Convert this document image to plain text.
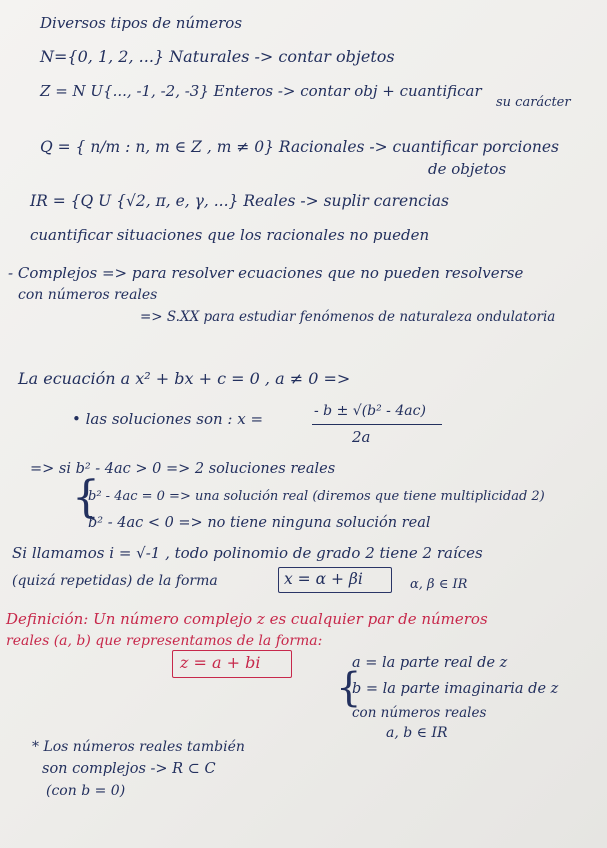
Diversos tipos de números
N={0, 1, 2, ...} Naturales -> contar objetos
Z = N U{..., -1, -2, -3} Enteros -> contar obj + cuantificar
su carácter
Q = { n/m : n, m ∈ Z , m ≠ 0} Racionales -> cuantificar porciones
de objetos
IR = {Q U {√2, π, e, γ, ...} Reales -> suplir carencias
cuantificar situaciones que los racionales no pueden
- Complejos => para resolver ecuaciones que no pueden resolverse
con números reales
=> S.XX para estudiar fenómenos de naturaleza ondulatoria
La ecuación a x² + bx + c = 0 , a ≠ 0 =>
• las soluciones son : x =	- b ± √(b² - 4ac)
2a
=> si b² - 4ac > 0 => 2 soluciones reales
{
b² - 4ac = 0 => una solución real (diremos que tiene multiplicidad 2)
b² - 4ac < 0 => no tiene ninguna solución real
Si llamamos i = √-1 , todo polinomio de grado 2 tiene 2 raíces
(quizá repetidas) de la forma	x = α + βi	α, β ∈ IR
Definición: Un número complejo z es cualquier par de números
reales (a, b) que representamos de la forma:
z = a + bi	a = la parte real de z
{
b = la parte imaginaria de z
con números reales
a, b ∈ IR
* Los números reales también
son complejos -> R ⊂ C
(con b = 0)
